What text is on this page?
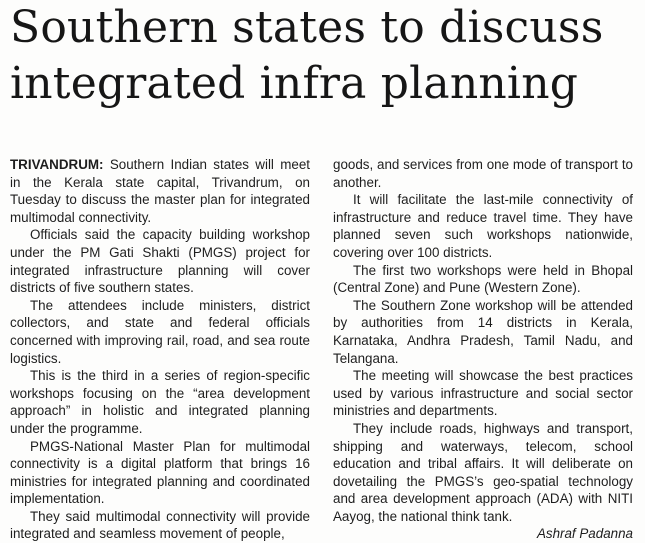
Southern states to discuss integrated infra planning

TRIVANDRUM: Southern Indian states will meet in the Kerala state capital, Trivandrum, on Tuesday to discuss the master plan for integrated multimodal connectivity.

Officials said the capacity building workshop under the PM Gati Shakti (PMGS) project for integrated infrastructure planning will cover districts of five southern states.

The attendees include ministers, district collectors, and state and federal officials concerned with improving rail, road, and sea route logistics.

This is the third in a series of region-specific workshops focusing on the “area development approach” in holistic and integrated planning under the programme.

PMGS-National Master Plan for multimodal connectivity is a digital platform that brings 16 ministries for integrated planning and coordinated implementation.

They said multimodal connectivity will provide integrated and seamless movement of people,

goods, and services from one mode of transport to another.

It will facilitate the last-mile connectivity of infrastructure and reduce travel time. They have planned seven such workshops nationwide, covering over 100 districts.

The first two workshops were held in Bhopal (Central Zone) and Pune (Western Zone).

The Southern Zone workshop will be attended by authorities from 14 districts in Kerala, Karnataka, Andhra Pradesh, Tamil Nadu, and Telangana.

The meeting will showcase the best practices used by various infrastructure and social sector ministries and departments.

They include roads, highways and transport, shipping and waterways, telecom, school education and tribal affairs. It will deliberate on dovetailing the PMGS’s geo-spatial technology and area development approach (ADA) with NITI Aayog, the national think tank.

Ashraf Padanna
